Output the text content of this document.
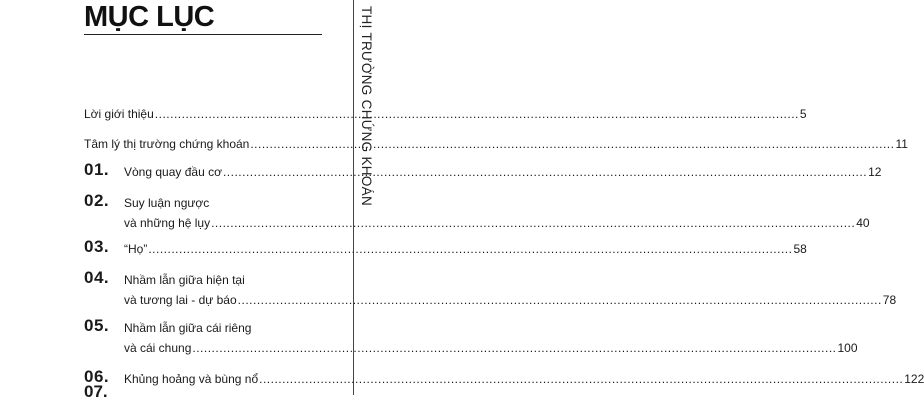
MỤC LỤC	THỊ TRƯỜNG CHỨNG KHOÁN
Lời giới thiệu .....	5
Tâm lý thị trường chứng khoán .....	11
01. Vòng quay đầu cơ .....	12
02. Suy luận ngược
và những hệ lụy .....	40
03. “Họ” .....	58
04. Nhầm lẫn giữa hiện tại
và tương lai - dự báo .....	78
05. Nhầm lẫn giữa cái riêng
và cái chung .....	100
06. Khủng hoảng và bùng nổ .....	122
07.
